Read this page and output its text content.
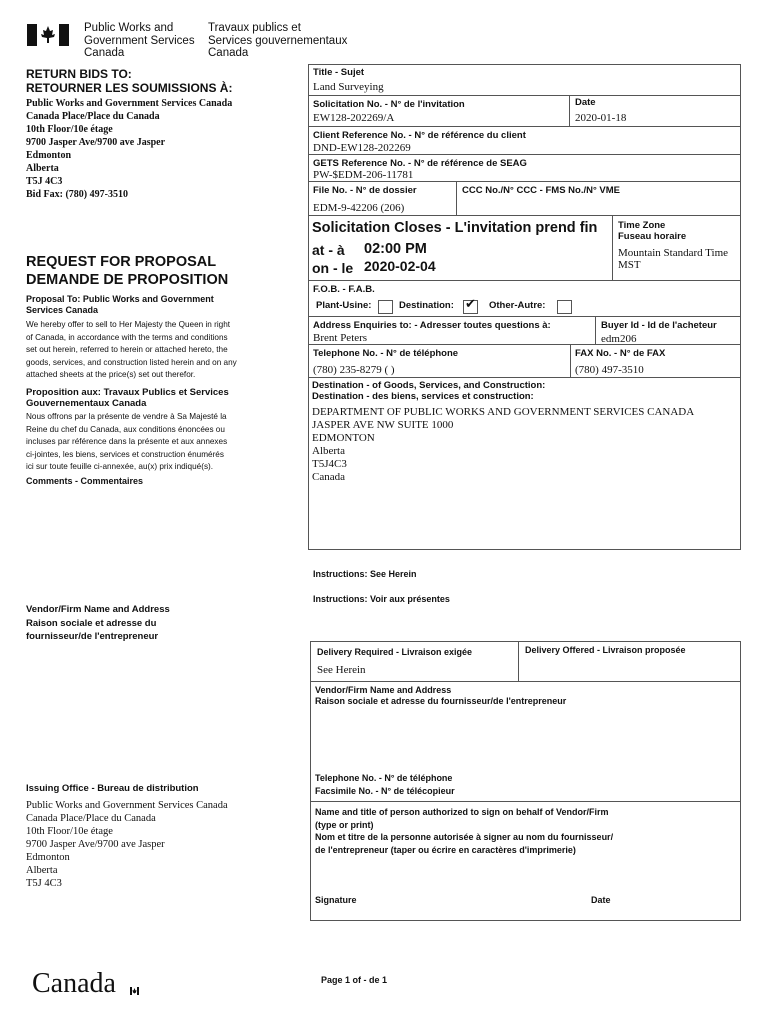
Public Works and
Government Services
Canada
Travaux publics et
Services gouvernementaux
Canada
RETURN BIDS TO:
RETOURNER LES SOUMISSIONS À:
Public Works and Government Services Canada
Canada Place/Place du Canada
10th Floor/10e étage
9700 Jasper Ave/9700 ave Jasper
Edmonton
Alberta
T5J 4C3
Bid Fax: (780) 497-3510
REQUEST FOR PROPOSAL
DEMANDE DE PROPOSITION
Proposal To: Public Works and Government
Services Canada
We hereby offer to sell to Her Majesty the Queen in right
of Canada, in accordance with the terms and conditions
set out herein, referred to herein or attached hereto, the
goods, services, and construction listed herein and on any
attached sheets at the price(s) set out therefor.
Proposition aux: Travaux Publics et Services
Gouvernementaux Canada
Nous offrons par la présente de vendre à Sa Majesté la
Reine du chef du Canada, aux conditions énoncées ou
incluses par référence dans la présente et aux annexes
ci-jointes, les biens, services et construction énumérés
ici sur toute feuille ci-annexée, au(x) prix indiqué(s).
Comments - Commentaires
Vendor/Firm Name and Address
Raison sociale et adresse du
fournisseur/de l'entrepreneur
Issuing Office - Bureau de distribution
Public Works and Government Services Canada
Canada Place/Place du Canada
10th Floor/10e étage
9700 Jasper Ave/9700 ave Jasper
Edmonton
Alberta
T5J 4C3
Title - Sujet
Land Surveying
Solicitation No. - N° de l'invitation
EW128-202269/A
Date
2020-01-18
Client Reference No. - N° de référence du client
DND-EW128-202269
GETS Reference No. - N° de référence de SEAG
PW-$EDM-206-11781
File No. - N° de dossier
EDM-9-42206 (206)
CCC No./N° CCC - FMS No./N° VME
Solicitation Closes - L'invitation prend fin
at - à 02:00 PM
on - le 2020-02-04
Time Zone
Fuseau horaire
Mountain Standard Time
MST
F.O.B. - F.A.B.
Plant-Usine:	Destination: ✔ Other-Autre:
Address Enquiries to: - Adresser toutes questions à:
Brent Peters
Buyer Id - Id de l'acheteur
edm206
Telephone No. - N° de téléphone
(780) 235-8279 ( )
FAX No. - N° de FAX
(780) 497-3510
Destination - of Goods, Services, and Construction:
Destination - des biens, services et construction:
DEPARTMENT OF PUBLIC WORKS AND GOVERNMENT SERVICES CANADA
JASPER AVE NW SUITE 1000
EDMONTON
Alberta
T5J4C3
Canada
Instructions: See Herein
Instructions: Voir aux présentes
Delivery Required - Livraison exigée
See Herein
Delivery Offered - Livraison proposée
Vendor/Firm Name and Address
Raison sociale et adresse du fournisseur/de l'entrepreneur
Telephone No. - N° de téléphone
Facsimile No. - N° de télécopieur
Name and title of person authorized to sign on behalf of Vendor/Firm
(type or print)
Nom et titre de la personne autorisée à signer au nom du fournisseur/
de l'entrepreneur (taper ou écrire en caractères d'imprimerie)
Signature	Date
Canada	Page 1 of - de 1
